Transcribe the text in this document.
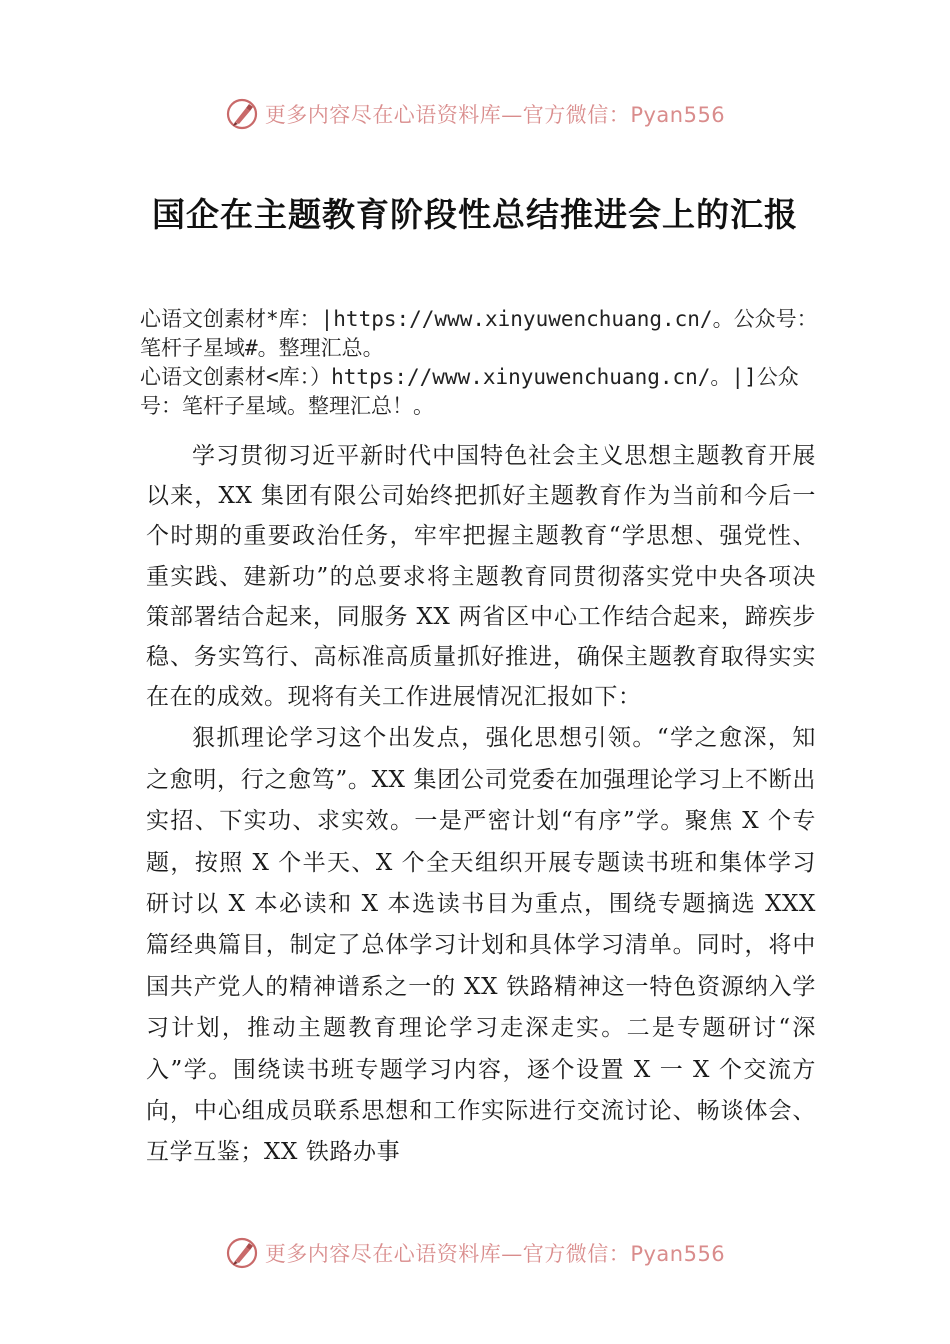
更多内容尽在心语资料库—官方微信：Pyan556
国企在主题教育阶段性总结推进会上的汇报

心语文创素材*库：|https://www.xinyuwenchuang.cn/。公众号：笔杆子星域#。整理汇总。

心语文创素材<库：）https://www.xinyuwenchuang.cn/。|]公众号：笔杆子星域。整理汇总！。

学习贯彻习近平新时代中国特色社会主义思想主题教育开展以来，XX 集团有限公司始终把抓好主题教育作为当前和今后一个时期的重要政治任务，牢牢把握主题教育“学思想、强党性、重实践、建新功”的总要求将主题教育同贯彻落实党中央各项决策部署结合起来，同服务 XX 两省区中心工作结合起来，蹄疾步稳、务实笃行、高标准高质量抓好推进，确保主题教育取得实实在在的成效。现将有关工作进展情况汇报如下：

狠抓理论学习这个出发点，强化思想引领。“学之愈深，知之愈明，行之愈笃”。XX 集团公司党委在加强理论学习上不断出实招、下实功、求实效。一是严密计划“有序”学。聚焦 X 个专题，按照 X 个半天、X 个全天组织开展专题读书班和集体学习研讨以 X 本必读和 X 本选读书目为重点，围绕专题摘选 XXX 篇经典篇目，制定了总体学习计划和具体学习清单。同时，将中国共产党人的精神谱系之一的 XX 铁路精神这一特色资源纳入学习计划，推动主题教育理论学习走深走实。二是专题研讨“深入”学。围绕读书班专题学习内容，逐个设置 X 一 X 个交流方向，中心组成员联系思想和工作实际进行交流讨论、畅谈体会、互学互鉴；XX 铁路办事

更多内容尽在心语资料库—官方微信：Pyan556
